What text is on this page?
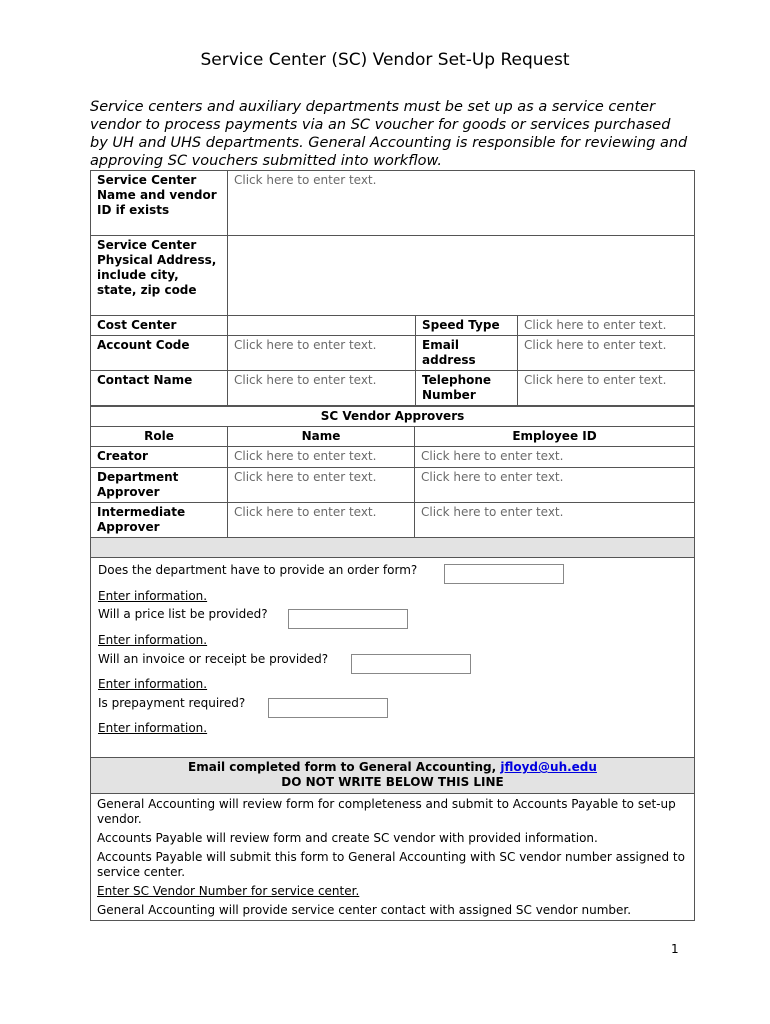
Service Center (SC) Vendor Set-Up Request
Service centers and auxiliary departments must be set up as a service center vendor to process payments via an SC voucher for goods or services purchased by UH and UHS departments. General Accounting is responsible for reviewing and approving SC vouchers submitted into workflow.
Service Center Name and vendor ID if exists	Click here to enter text.		
Service Center Physical Address, include city, state, zip code			
Cost Center		Speed Type	Click here to enter text.
Account Code	Click here to enter text.	Email address	Click here to enter text.
Contact Name	Click here to enter text.	Telephone Number	Click here to enter text.
SC Vendor Approvers		
Role	Name	Employee ID
Creator	Click here to enter text.	Click here to enter text.
Department Approver	Click here to enter text.	Click here to enter text.
Intermediate Approver	Click here to enter text.	Click here to enter text.

Does the department have to provide an order form?
Enter information.
Will a price list be provided?
Enter information.
Will an invoice or receipt be provided?
Enter information.
Is prepayment required?
Enter information.
Email completed form to General Accounting, jfloyd@uh.edu
DO NOT WRITE BELOW THIS LINE

General Accounting will review form for completeness and submit to Accounts Payable to set-up vendor.
Accounts Payable will review form and create SC vendor with provided information.
Accounts Payable will submit this form to General Accounting with SC vendor number assigned to service center.
Enter SC Vendor Number for service center.
General Accounting will provide service center contact with assigned SC vendor number.
1
